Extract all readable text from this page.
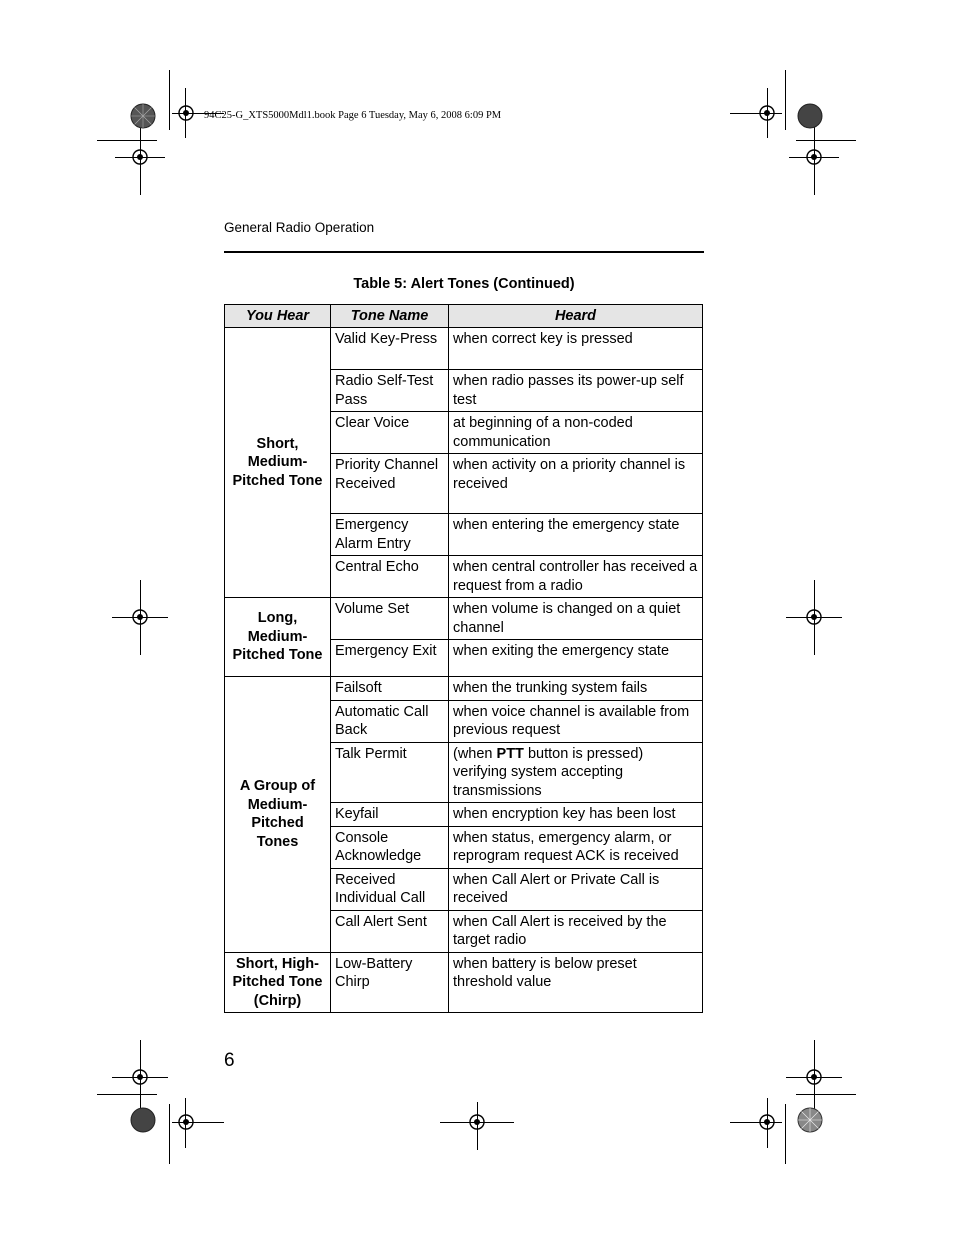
94C25-G_XTS5000Mdl1.book Page 6 Tuesday, May 6, 2008 6:09 PM
General Radio Operation
Table 5: Alert Tones (Continued)
You Hear	Tone Name	Heard
Short, Medium-Pitched Tone	Valid Key-Press	when correct key is pressed
	Radio Self-Test Pass	when radio passes its power-up self test
	Clear Voice	at beginning of a non-coded communication
	Priority Channel Received	when activity on a priority channel is received
	Emergency Alarm Entry	when entering the emergency state
	Central Echo	when central controller has received a request from a radio
Long, Medium-Pitched Tone	Volume Set	when volume is changed on a quiet channel
	Emergency Exit	when exiting the emergency state
A Group of Medium-Pitched Tones	Failsoft	when the trunking system fails
	Automatic Call Back	when voice channel is available from previous request
	Talk Permit	(when PTT button is pressed) verifying system accepting transmissions
	Keyfail	when encryption key has been lost
	Console Acknowledge	when status, emergency alarm, or reprogram request ACK is received
	Received Individual Call	when Call Alert or Private Call is received
	Call Alert Sent	when Call Alert is received by the target radio
Short, High-Pitched Tone (Chirp)	Low-Battery Chirp	when battery is below preset threshold value
6
